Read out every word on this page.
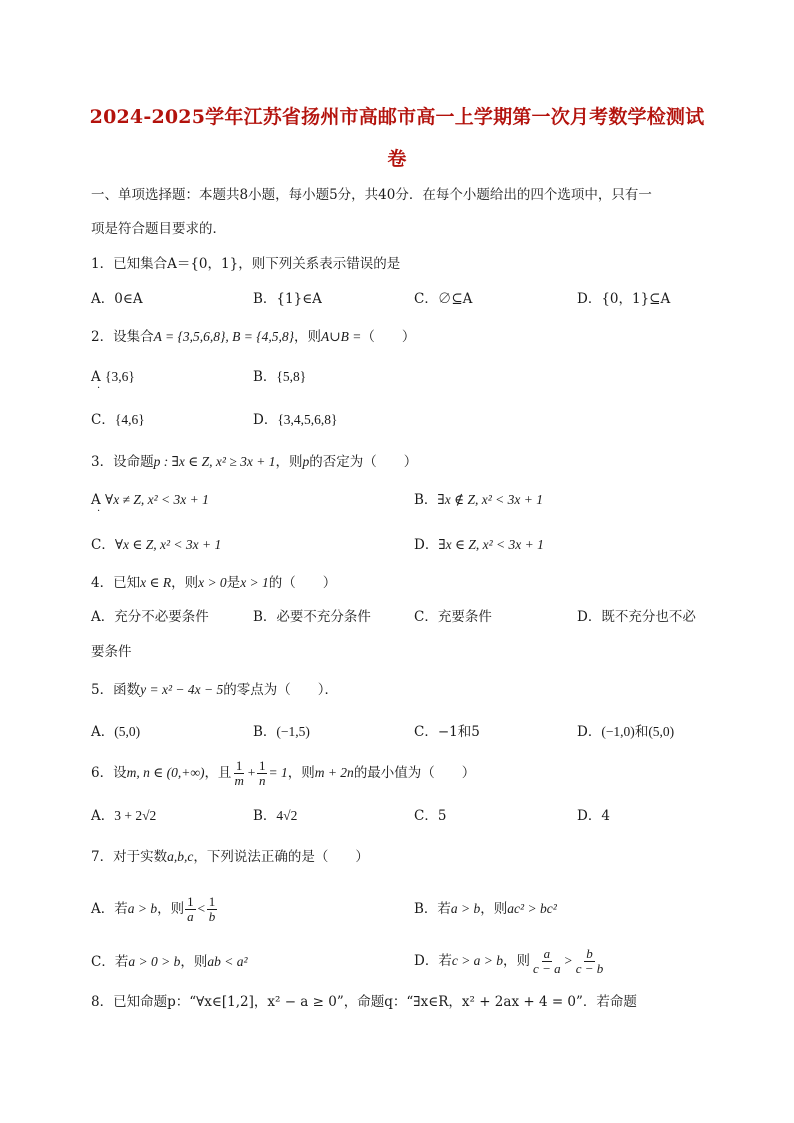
2024-2025学年江苏省扬州市高邮市高一上学期第一次月考数学检测试
卷
一、单项选择题：本题共8小题，每小题5分，共40分．在每个小题给出的四个选项中，只有一
项是符合题目要求的．
1．已知集合A＝{0，1}，则下列关系表示错误的是
A．0∈A	B．{1}∈A	C．∅⊆A	D．{0，1}⊆A
2．设集合A = {3,5,6,8}, B = {4,5,8}，则A∪B =（　　）
A {3,6}
·
B．{5,8}
C．{4,6}	D．{3,4,5,6,8}
3．设命题p : ∃x ∈ Z, x² ≥ 3x + 1，则p的否定为（　　）
A ∀x ≠ Z, x² < 3x + 1
·
B．∃x ∉ Z, x² < 3x + 1
C．∀x ∈ Z, x² < 3x + 1	D．∃x ∈ Z, x² < 3x + 1
4．已知x ∈ R，则x > 0是x > 1的（　　）
A．充分不必要条件	B．必要不充分条件	C．充要条件	D．既不充分也不必
要条件
5．函数y = x² − 4x − 5的零点为（　　）．
A．(5,0)	B．(−1,5)	C．−1和5	D．(−1,0)和(5,0)
6．设m, n ∈ (0,+∞)，且 $\frac{1}{m} + \frac{1}{n} = 1$，则m + 2n的最小值为（　　）
A．3 + 2√2	B．4√2	C．5	D．4
7．对于实数a,b,c，下列说法正确的是（　　）
A．若a > b，则 $\frac{1}{a} < \frac{1}{b}$	B．若a > b，则ac² > bc²
C．若a > 0 > b，则ab < a²	D．若c > a > b，则 $\frac{a}{c - a} > \frac{b}{c - b}$
8．已知命题p：“∀x∈[1,2]，x² − a ≥ 0”，命题q：“∃x∈R，x² + 2ax + 4 = 0”．若命题
